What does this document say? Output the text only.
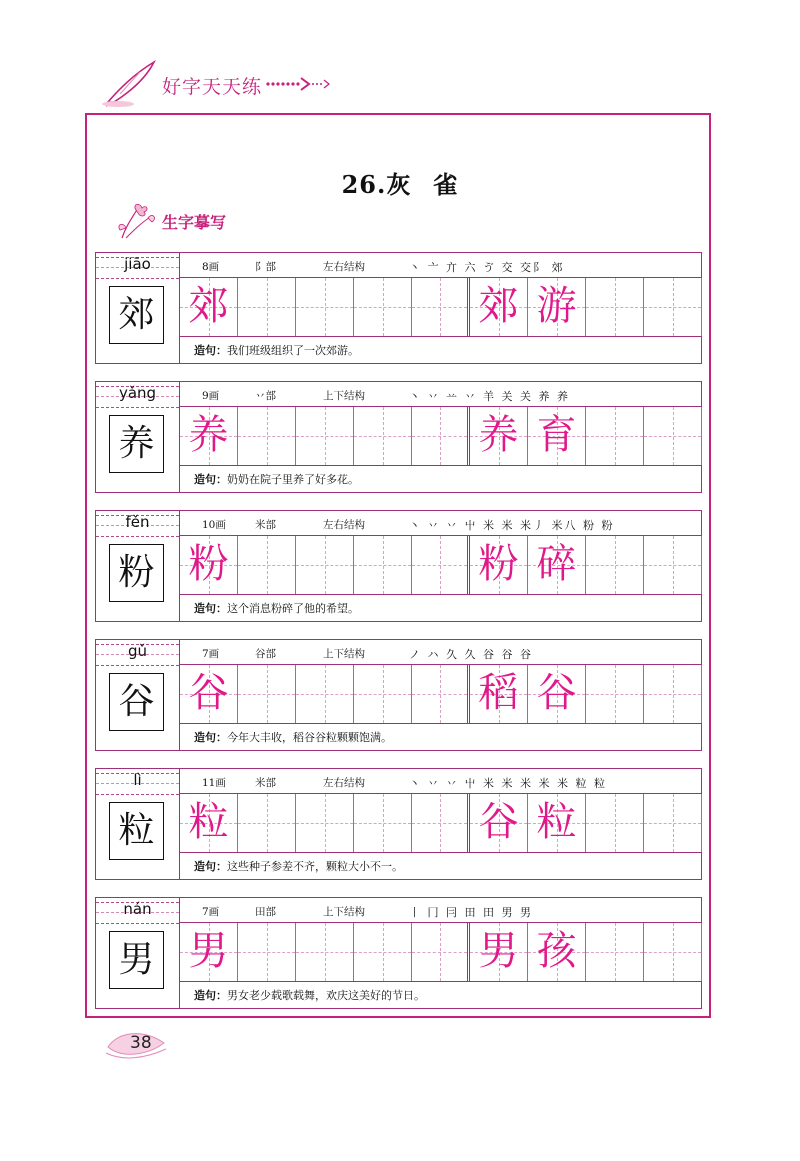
好字天天练
26.灰 雀
生字摹写
jiāo
郊
8画	阝部	左右结构	丶 亠 亣 六 ゔ 交 交阝 郊
郊	郊 游
造句：我们班级组织了一次郊游。
yǎng
养
9画	丷部	上下结构	丶 丷 䒑 丷 羊 关 关 养 养
养	养 育
造句：奶奶在院子里养了好多花。
fěn
粉
10画	米部	左右结构	丶 丷 丷 屮 米 米 米丿 米八 粉 粉
粉	粉 碎
造句：这个消息粉碎了他的希望。
gǔ
谷
7画	谷部	上下结构	ノ ハ 久 久 谷 谷 谷
谷	稻 谷
造句：今年大丰收，稻谷谷粒颗颗饱满。
lì
粒
11画	米部	左右结构	丶 丷 丷 屮 米 米 米 米 米 粒 粒
粒	谷 粒
造句：这些种子参差不齐，颗粒大小不一。
nán
男
7画	田部	上下结构	丨 冂 冃 田 田 男 男
男	男 孩
造句：男女老少载歌载舞，欢庆这美好的节日。
38
